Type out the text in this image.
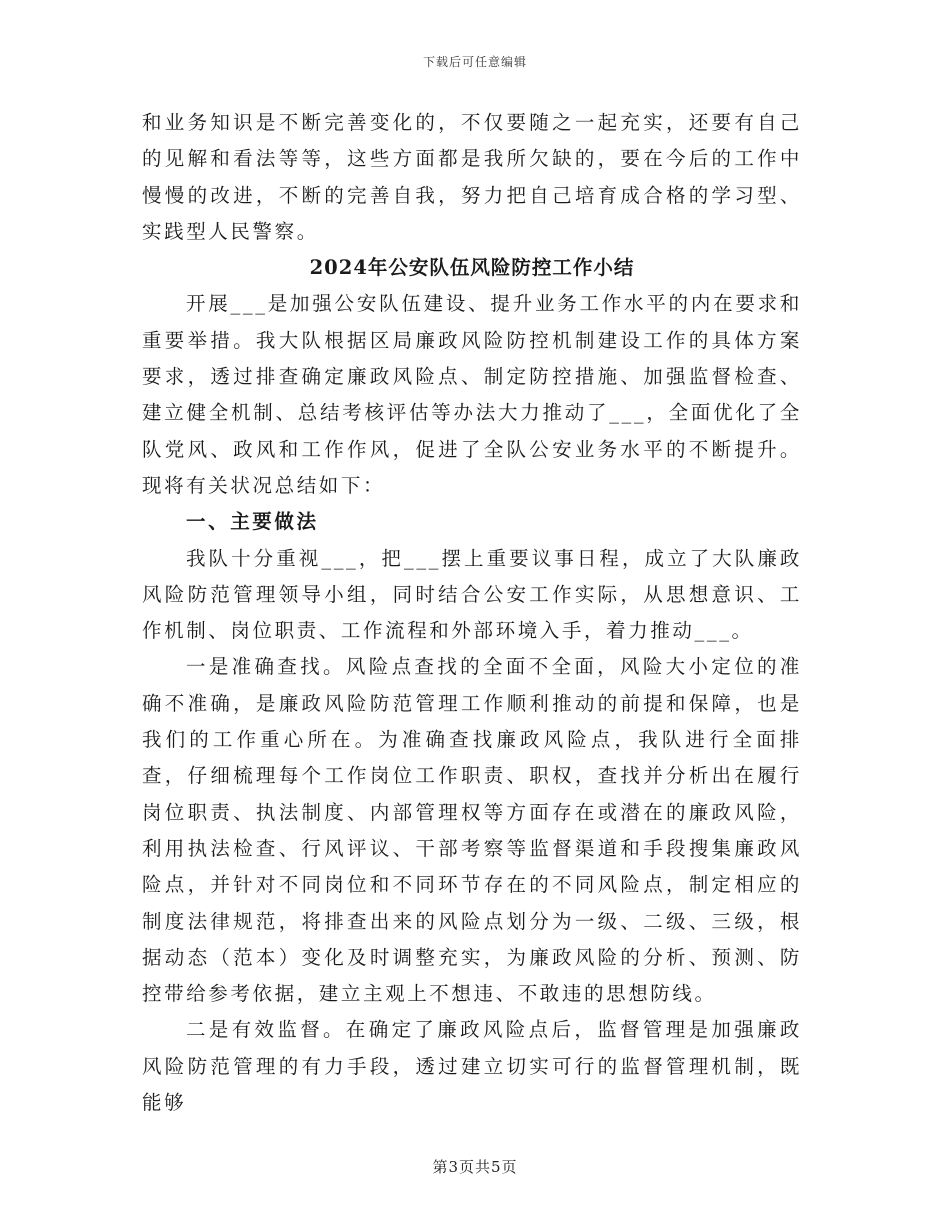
下载后可任意编辑

和业务知识是不断完善变化的，不仅要随之一起充实，还要有自己的见解和看法等等，这些方面都是我所欠缺的，要在今后的工作中慢慢的改进，不断的完善自我，努力把自己培育成合格的学习型、实践型人民警察。

2024年公安队伍风险防控工作小结

开展___是加强公安队伍建设、提升业务工作水平的内在要求和重要举措。我大队根据区局廉政风险防控机制建设工作的具体方案要求，透过排查确定廉政风险点、制定防控措施、加强监督检查、建立健全机制、总结考核评估等办法大力推动了___，全面优化了全队党风、政风和工作作风，促进了全队公安业务水平的不断提升。现将有关状况总结如下：

一、主要做法

我队十分重视___，把___摆上重要议事日程，成立了大队廉政风险防范管理领导小组，同时结合公安工作实际，从思想意识、工作机制、岗位职责、工作流程和外部环境入手，着力推动___。

一是准确查找。风险点查找的全面不全面，风险大小定位的准确不准确，是廉政风险防范管理工作顺利推动的前提和保障，也是我们的工作重心所在。为准确查找廉政风险点，我队进行全面排查，仔细梳理每个工作岗位工作职责、职权，查找并分析出在履行岗位职责、执法制度、内部管理权等方面存在或潜在的廉政风险，利用执法检查、行风评议、干部考察等监督渠道和手段搜集廉政风险点，并针对不同岗位和不同环节存在的不同风险点，制定相应的制度法律规范，将排查出来的风险点划分为一级、二级、三级，根据动态（范本）变化及时调整充实，为廉政风险的分析、预测、防控带给参考依据，建立主观上不想违、不敢违的思想防线。

二是有效监督。在确定了廉政风险点后，监督管理是加强廉政风险防范管理的有力手段，透过建立切实可行的监督管理机制，既能够

第3页共5页
